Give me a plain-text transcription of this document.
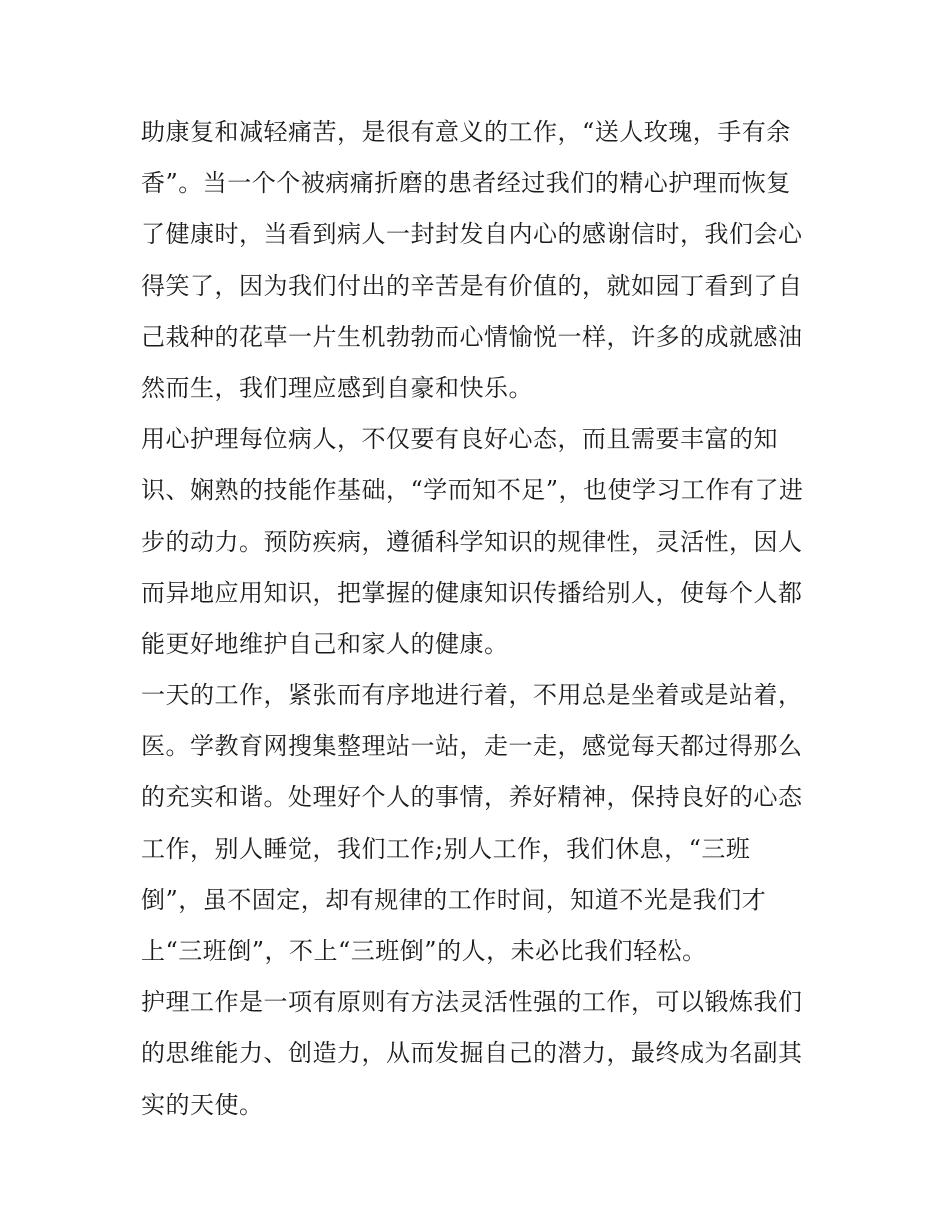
助康复和减轻痛苦，是很有意义的工作，“送人玫瑰，手有余
香”。当一个个被病痛折磨的患者经过我们的精心护理而恢复
了健康时，当看到病人一封封发自内心的感谢信时，我们会心
得笑了，因为我们付出的辛苦是有价值的，就如园丁看到了自
己栽种的花草一片生机勃勃而心情愉悦一样，许多的成就感油
然而生，我们理应感到自豪和快乐。
用心护理每位病人，不仅要有良好心态，而且需要丰富的知
识、娴熟的技能作基础，“学而知不足”，也使学习工作有了进
步的动力。预防疾病，遵循科学知识的规律性，灵活性，因人
而异地应用知识，把掌握的健康知识传播给别人，使每个人都
能更好地维护自己和家人的健康。
一天的工作，紧张而有序地进行着，不用总是坐着或是站着，
医。学教育网搜集整理站一站，走一走，感觉每天都过得那么
的充实和谐。处理好个人的事情，养好精神，保持良好的心态
工作，别人睡觉，我们工作;别人工作，我们休息，“三班
倒”，虽不固定，却有规律的工作时间，知道不光是我们才
上“三班倒”，不上“三班倒”的人，未必比我们轻松。
护理工作是一项有原则有方法灵活性强的工作，可以锻炼我们
的思维能力、创造力，从而发掘自己的潜力，最终成为名副其
实的天使。
